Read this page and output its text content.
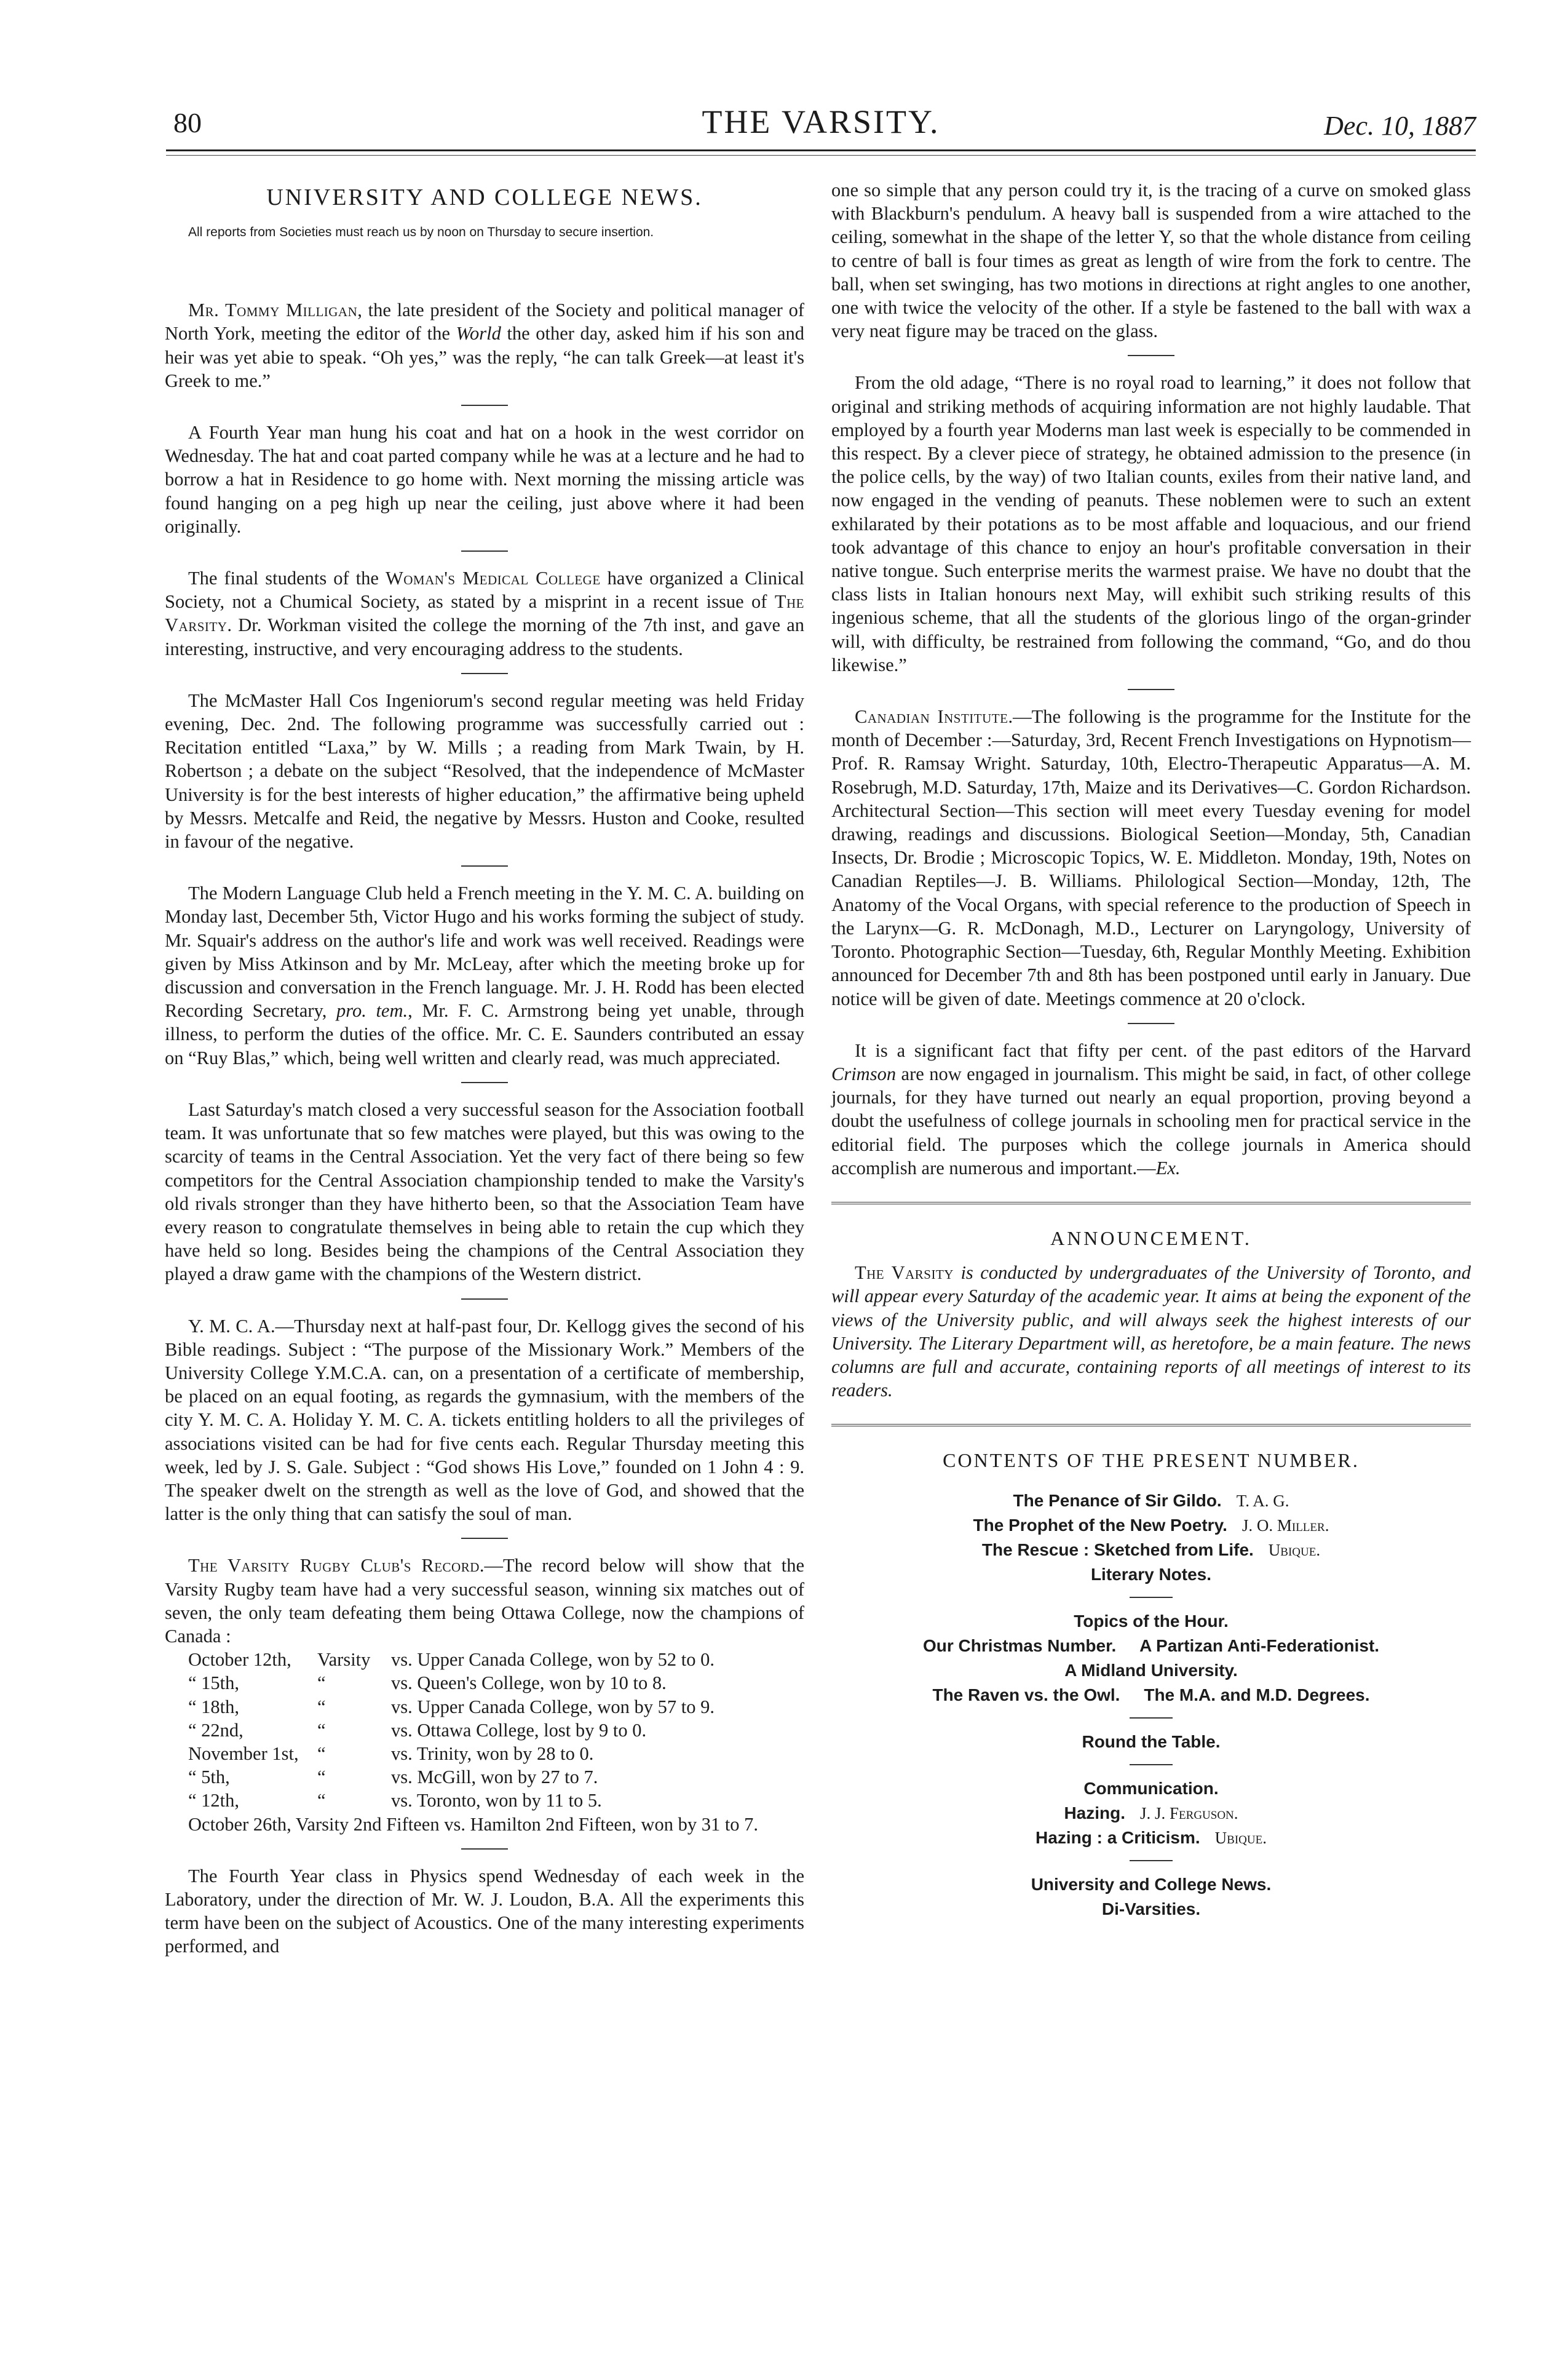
80	THE VARSITY.	Dec. 10, 1887

UNIVERSITY AND COLLEGE NEWS.

All reports from Societies must reach us by noon on Thursday to secure insertion.

Mr. Tommy Milligan, the late president of the Society and political manager of North York, meeting the editor of the World the other day, asked him if his son and heir was yet abie to speak. “Oh yes,” was the reply, “he can talk Greek—at least it's Greek to me.”

A Fourth Year man hung his coat and hat on a hook in the west corridor on Wednesday. The hat and coat parted company while he was at a lecture and he had to borrow a hat in Residence to go home with. Next morning the missing article was found hanging on a peg high up near the ceiling, just above where it had been originally.

The final students of the Woman's Medical College have organized a Clinical Society, not a Chumical Society, as stated by a misprint in a recent issue of The Varsity. Dr. Workman visited the college the morning of the 7th inst, and gave an interesting, instructive, and very encouraging address to the students.

The McMaster Hall Cos Ingeniorum's second regular meeting was held Friday evening, Dec. 2nd. The following programme was successfully carried out : Recitation entitled “Laxa,” by W. Mills ; a reading from Mark Twain, by H. Robertson ; a debate on the subject “Resolved, that the independence of McMaster University is for the best interests of higher education,” the affirmative being upheld by Messrs. Metcalfe and Reid, the negative by Messrs. Huston and Cooke, resulted in favour of the negative.

The Modern Language Club held a French meeting in the Y. M. C. A. building on Monday last, December 5th, Victor Hugo and his works forming the subject of study. Mr. Squair's address on the author's life and work was well received. Readings were given by Miss Atkinson and by Mr. McLeay, after which the meeting broke up for discussion and conversation in the French language. Mr. J. H. Rodd has been elected Recording Secretary, pro. tem., Mr. F. C. Armstrong being yet unable, through illness, to perform the duties of the office. Mr. C. E. Saunders contributed an essay on “Ruy Blas,” which, being well written and clearly read, was much appreciated.

Last Saturday's match closed a very successful season for the Association football team. It was unfortunate that so few matches were played, but this was owing to the scarcity of teams in the Central Association. Yet the very fact of there being so few competitors for the Central Association championship tended to make the Varsity's old rivals stronger than they have hitherto been, so that the Association Team have every reason to congratulate themselves in being able to retain the cup which they have held so long. Besides being the champions of the Central Association they played a draw game with the champions of the Western district.

Y. M. C. A.—Thursday next at half-past four, Dr. Kellogg gives the second of his Bible readings. Subject : “The purpose of the Missionary Work.” Members of the University College Y.M.C.A. can, on a presentation of a certificate of membership, be placed on an equal footing, as regards the gymnasium, with the members of the city Y. M. C. A. Holiday Y. M. C. A. tickets entitling holders to all the privileges of associations visited can be had for five cents each. Regular Thursday meeting this week, led by J. S. Gale. Subject : “God shows His Love,” founded on 1 John 4 : 9. The speaker dwelt on the strength as well as the love of God, and showed that the latter is the only thing that can satisfy the soul of man.

The Varsity Rugby Club's Record.—The record below will show that the Varsity Rugby team have had a very successful season, winning six matches out of seven, the only team defeating them being Ottawa College, now the champions of Canada :

October 12th, Varsity vs. Upper Canada College, won by 52 to 0.

“ 15th,	“	vs. Queen's College, won by 10 to 8.

“ 18th,	“	vs. Upper Canada College, won by 57 to 9.

“ 22nd,	“	vs. Ottawa College, lost by 9 to 0.

November 1st, “	vs. Trinity, won by 28 to 0.

“ 5th,	“	vs. McGill, won by 27 to 7.

“ 12th,	“	vs. Toronto, won by 11 to 5.

October 26th, Varsity 2nd Fifteen vs. Hamilton 2nd Fifteen, won by 31 to 7.

The Fourth Year class in Physics spend Wednesday of each week in the Laboratory, under the direction of Mr. W. J. Loudon, B.A. All the experiments this term have been on the subject of Acoustics. One of the many interesting experiments performed, and

one so simple that any person could try it, is the tracing of a curve on smoked glass with Blackburn's pendulum. A heavy ball is suspended from a wire attached to the ceiling, somewhat in the shape of the letter Y, so that the whole distance from ceiling to centre of ball is four times as great as length of wire from the fork to centre. The ball, when set swinging, has two motions in directions at right angles to one another, one with twice the velocity of the other. If a style be fastened to the ball with wax a very neat figure may be traced on the glass.

From the old adage, “There is no royal road to learning,” it does not follow that original and striking methods of acquiring information are not highly laudable. That employed by a fourth year Moderns man last week is especially to be commended in this respect. By a clever piece of strategy, he obtained admission to the presence (in the police cells, by the way) of two Italian counts, exiles from their native land, and now engaged in the vending of peanuts. These noblemen were to such an extent exhilarated by their potations as to be most affable and loquacious, and our friend took advantage of this chance to enjoy an hour's profitable conversation in their native tongue. Such enterprise merits the warmest praise. We have no doubt that the class lists in Italian honours next May, will exhibit such striking results of this ingenious scheme, that all the students of the glorious lingo of the organ-grinder will, with difficulty, be restrained from following the command, “Go, and do thou likewise.”

Canadian Institute.—The following is the programme for the Institute for the month of December :—Saturday, 3rd, Recent French Investigations on Hypnotism—Prof. R. Ramsay Wright. Saturday, 10th, Electro-Therapeutic Apparatus—A. M. Rosebrugh, M.D. Saturday, 17th, Maize and its Derivatives—C. Gordon Richardson. Architectural Section—This section will meet every Tuesday evening for model drawing, readings and discussions. Biological Seetion—Monday, 5th, Canadian Insects, Dr. Brodie ; Microscopic Topics, W. E. Middleton. Monday, 19th, Notes on Canadian Reptiles—J. B. Williams. Philological Section—Monday, 12th, The Anatomy of the Vocal Organs, with special reference to the production of Speech in the Larynx—G. R. McDonagh, M.D., Lecturer on Laryngology, University of Toronto. Photographic Section—Tuesday, 6th, Regular Monthly Meeting. Exhibition announced for December 7th and 8th has been postponed until early in January. Due notice will be given of date. Meetings commence at 20 o'clock.

It is a significant fact that fifty per cent. of the past editors of the Harvard Crimson are now engaged in journalism. This might be said, in fact, of other college journals, for they have turned out nearly an equal proportion, proving beyond a doubt the usefulness of college journals in schooling men for practical service in the editorial field. The purposes which the college journals in America should accomplish are numerous and important.—Ex.

ANNOUNCEMENT.

The Varsity is conducted by undergraduates of the University of Toronto, and will appear every Saturday of the academic year. It aims at being the exponent of the views of the University public, and will always seek the highest interests of our University. The Literary Department will, as heretofore, be a main feature. The news columns are full and accurate, containing reports of all meetings of interest to its readers.

CONTENTS OF THE PRESENT NUMBER.

The Penance of Sir Gildo. T. A. G.
The Prophet of the New Poetry. J. O. Miller.
The Rescue : Sketched from Life. Ubique.
Literary Notes.
Topics of the Hour.
Our Christmas Number.     A Partizan Anti-Federationist.
A Midland University.
The Raven vs. the Owl.     The M.A. and M.D. Degrees.
Round the Table.
Communication.
Hazing. J. J. Ferguson.
Hazing : a Criticism. Ubique.
University and College News.
Di-Varsities.
